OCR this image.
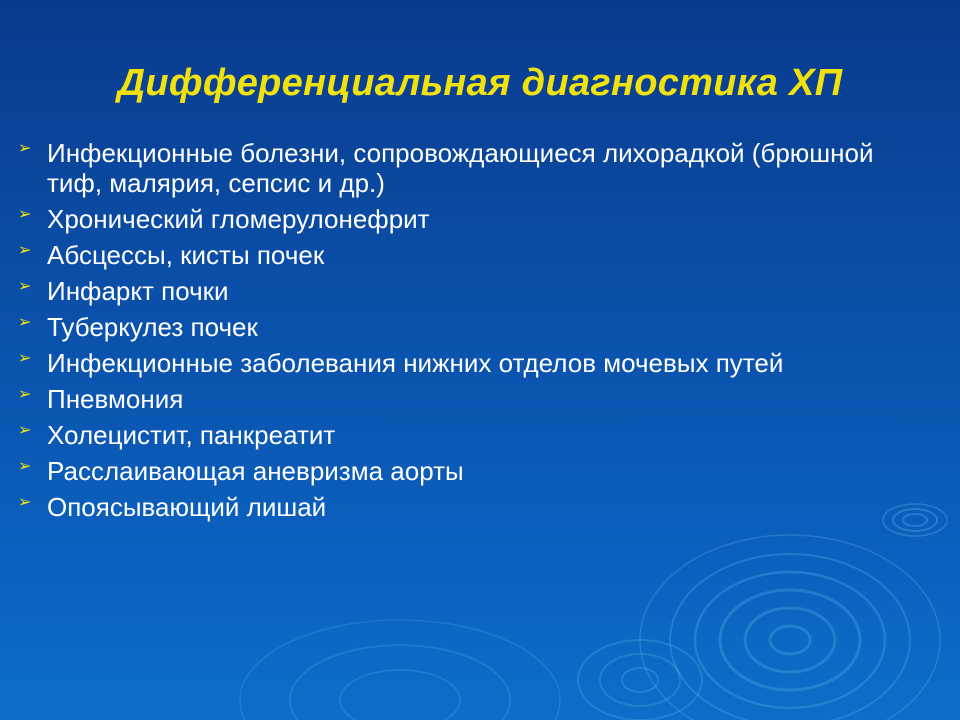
Дифференциальная диагностика ХП
➢ Инфекционные болезни, сопровождающиеся лихорадкой (брюшной тиф, малярия, сепсис и др.)
➢ Хронический гломерулонефрит
➢ Абсцессы, кисты почек
➢ Инфаркт почки
➢ Туберкулез почек
➢ Инфекционные заболевания нижних отделов мочевых путей
➢ Пневмония
➢ Холецистит, панкреатит
➢ Расслаивающая аневризма аорты
➢ Опоясывающий лишай
